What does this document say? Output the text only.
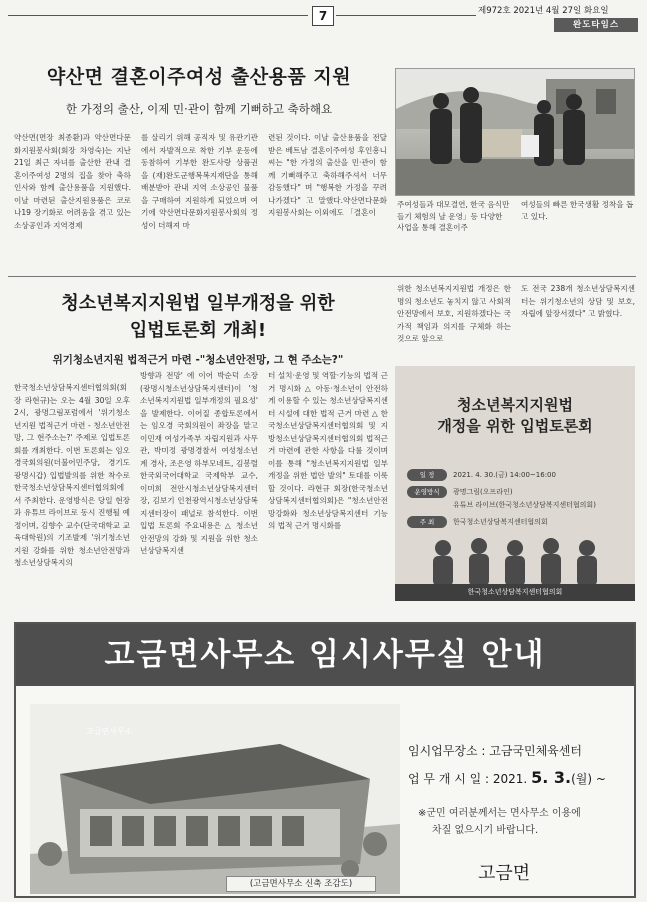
7	제972호 2021년 4월 27일 화요일
완도타임스
약산면 결혼이주여성 출산용품 지원
한 가정의 출산, 이제 민·관이 함께 기뻐하고 축하해요
약산면(면장 최종환)과 약산면다문화지원봉사회(회장 차영숙)는 지난 21일 최근 자녀를 출산한 관내 결혼이주여성 2명의 집을 찾아 축하 인사와 함께 출산용품을 지원했다.이날 마련된 출산지원용품은 코로나19 장기화로 어려움을 겪고 있는 소상공인과 지역경제
를 살리기 위해 공직자 및 유관기관에서 자발적으로 착한 기부 운동에 동참하여 기부한 완도사랑 상품권을 (재)완도군행복복지재단을 통해 배분받아 관내 지역 소상공인 물품을 구매하여 지원하게 되었으며 여기에 약산면다문화지원봉사회의 정성이 더해져 마
련된 것이다. 이날 출산용품을 전달받은 베트남 결혼이주여성 후인흥니씨는 "한 가정의 출산을 민·관이 함께 기뻐해주고 축하해주셔서 너무 감동했다" 며 "행복한 가정을 꾸려나가겠다" 고 말했다.약산면다문화지원봉사회는 이외에도 「결혼이
주여성들과 대모결연, 한국 음식만들기 체험의 날 운영」등 다양한 사업을 통해 결혼이주
여성들의 빠른 한국생활 정착을 돕고 있다.
청소년복지지원법 일부개정을 위한
입법토론회 개최!
위기청소년지원 법적근거 마련 -"청소년안전망, 그 현 주소는?"
한국청소년상담복지센터협의회(회장 라현규)는 오는 4월 30일 오후 2시, 광명그림포럼에서 '위기청소년지원 법적근거 마련 - 청소년안전망, 그 현주소는?' 주제로 입법토론회를 개최한다. 이번 토론회는 임오경국회의원(더불어민주당, 경기도 광명시갑) 입법발의를 위한 착수로 한국청소년상담복지센터협의회에서 주최한다. 운영방식은 당일 현장과 유튜브 라이브로 동시 진행될 예정이며, 김향수 교수(단국대학교 교육대학원)의 기조발제 '위기청소년지원 강화를 위한 청소년안전망과 청소년상담복지의
방향과 전망' 에 이어 박순덕 소장(광명시청소년상담복지센터)이 '청소년복지지원법 일부개정의 필요성' 을 발제한다. 이어질 종합토론에서는 임오경 국회의원이 좌장을 맡고 이민재 여성가족부 자립지원과 사무관, 박미정 광명경찰서 여성청소년계 경사, 조은영 하부모네트, 김봉렬 한국외국어대학교 국제학부 교수, 이미희 전안시청소년상담복지센터장, 김보기 인천광역시청소년상담복지센터장이 패널로 참석한다. 이번 입법 토론회 주요내용은 △ 청소년안전망의 강화 및 지원을 위한 청소년상담복지센
터 설치·운영 및 역할·기능의 법적 근거 명시화 △ 아동·청소년이 안전하게 이용할 수 있는 청소년상담복지센터 시설에 대한 법적 근거 마련 △ 한국청소년상담복지센터협의회 및 지방청소년상담복지센터협의회 법적근거 마련에 관한 사항을 다룰 것이며 이를 통해 "청소년복지지원법 일부개정을 위한 법안 발의" 토대를 이룩할 것이다. 라현규 회장(한국청소년상담복지센터협의회)은 "청소년안전망강화와 청소년상담복지센터 기능의 법적 근거 명시화를
위한 청소년복지지원법 개정은 한 명의 청소년도 놓치지 않고 사회적 안전망에서 보호, 지원하겠다는 국가적 책임과 의지를 구체화 하는 것으로 앞으로
도 전국 238개 청소년상담복지센터는 위기청소년의 상담 및 보호, 자립에 앞장서겠다" 고 밝혔다.
청소년복지지원법
개정을 위한 입법토론회
일 정	2021. 4. 30.(금) 14:00~16:00
운영방식 광명그림(오프라인)
유튜브 라이브(한국청소년상담복지센터협의회)
주 최	한국청소년상담복지센터협의회
한국청소년상담복지센터협의회
고금면사무소 임시사무실 안내
고금면사무소
(고금면사무소 신축 조감도)
임시업무장소 : 고금국민체육센터
업 무 개 시 일 : 2021. 5. 3.(월) ~
※군민 여러분께서는 면사무소 이용에
차질 없으시기 바랍니다.
고금면
